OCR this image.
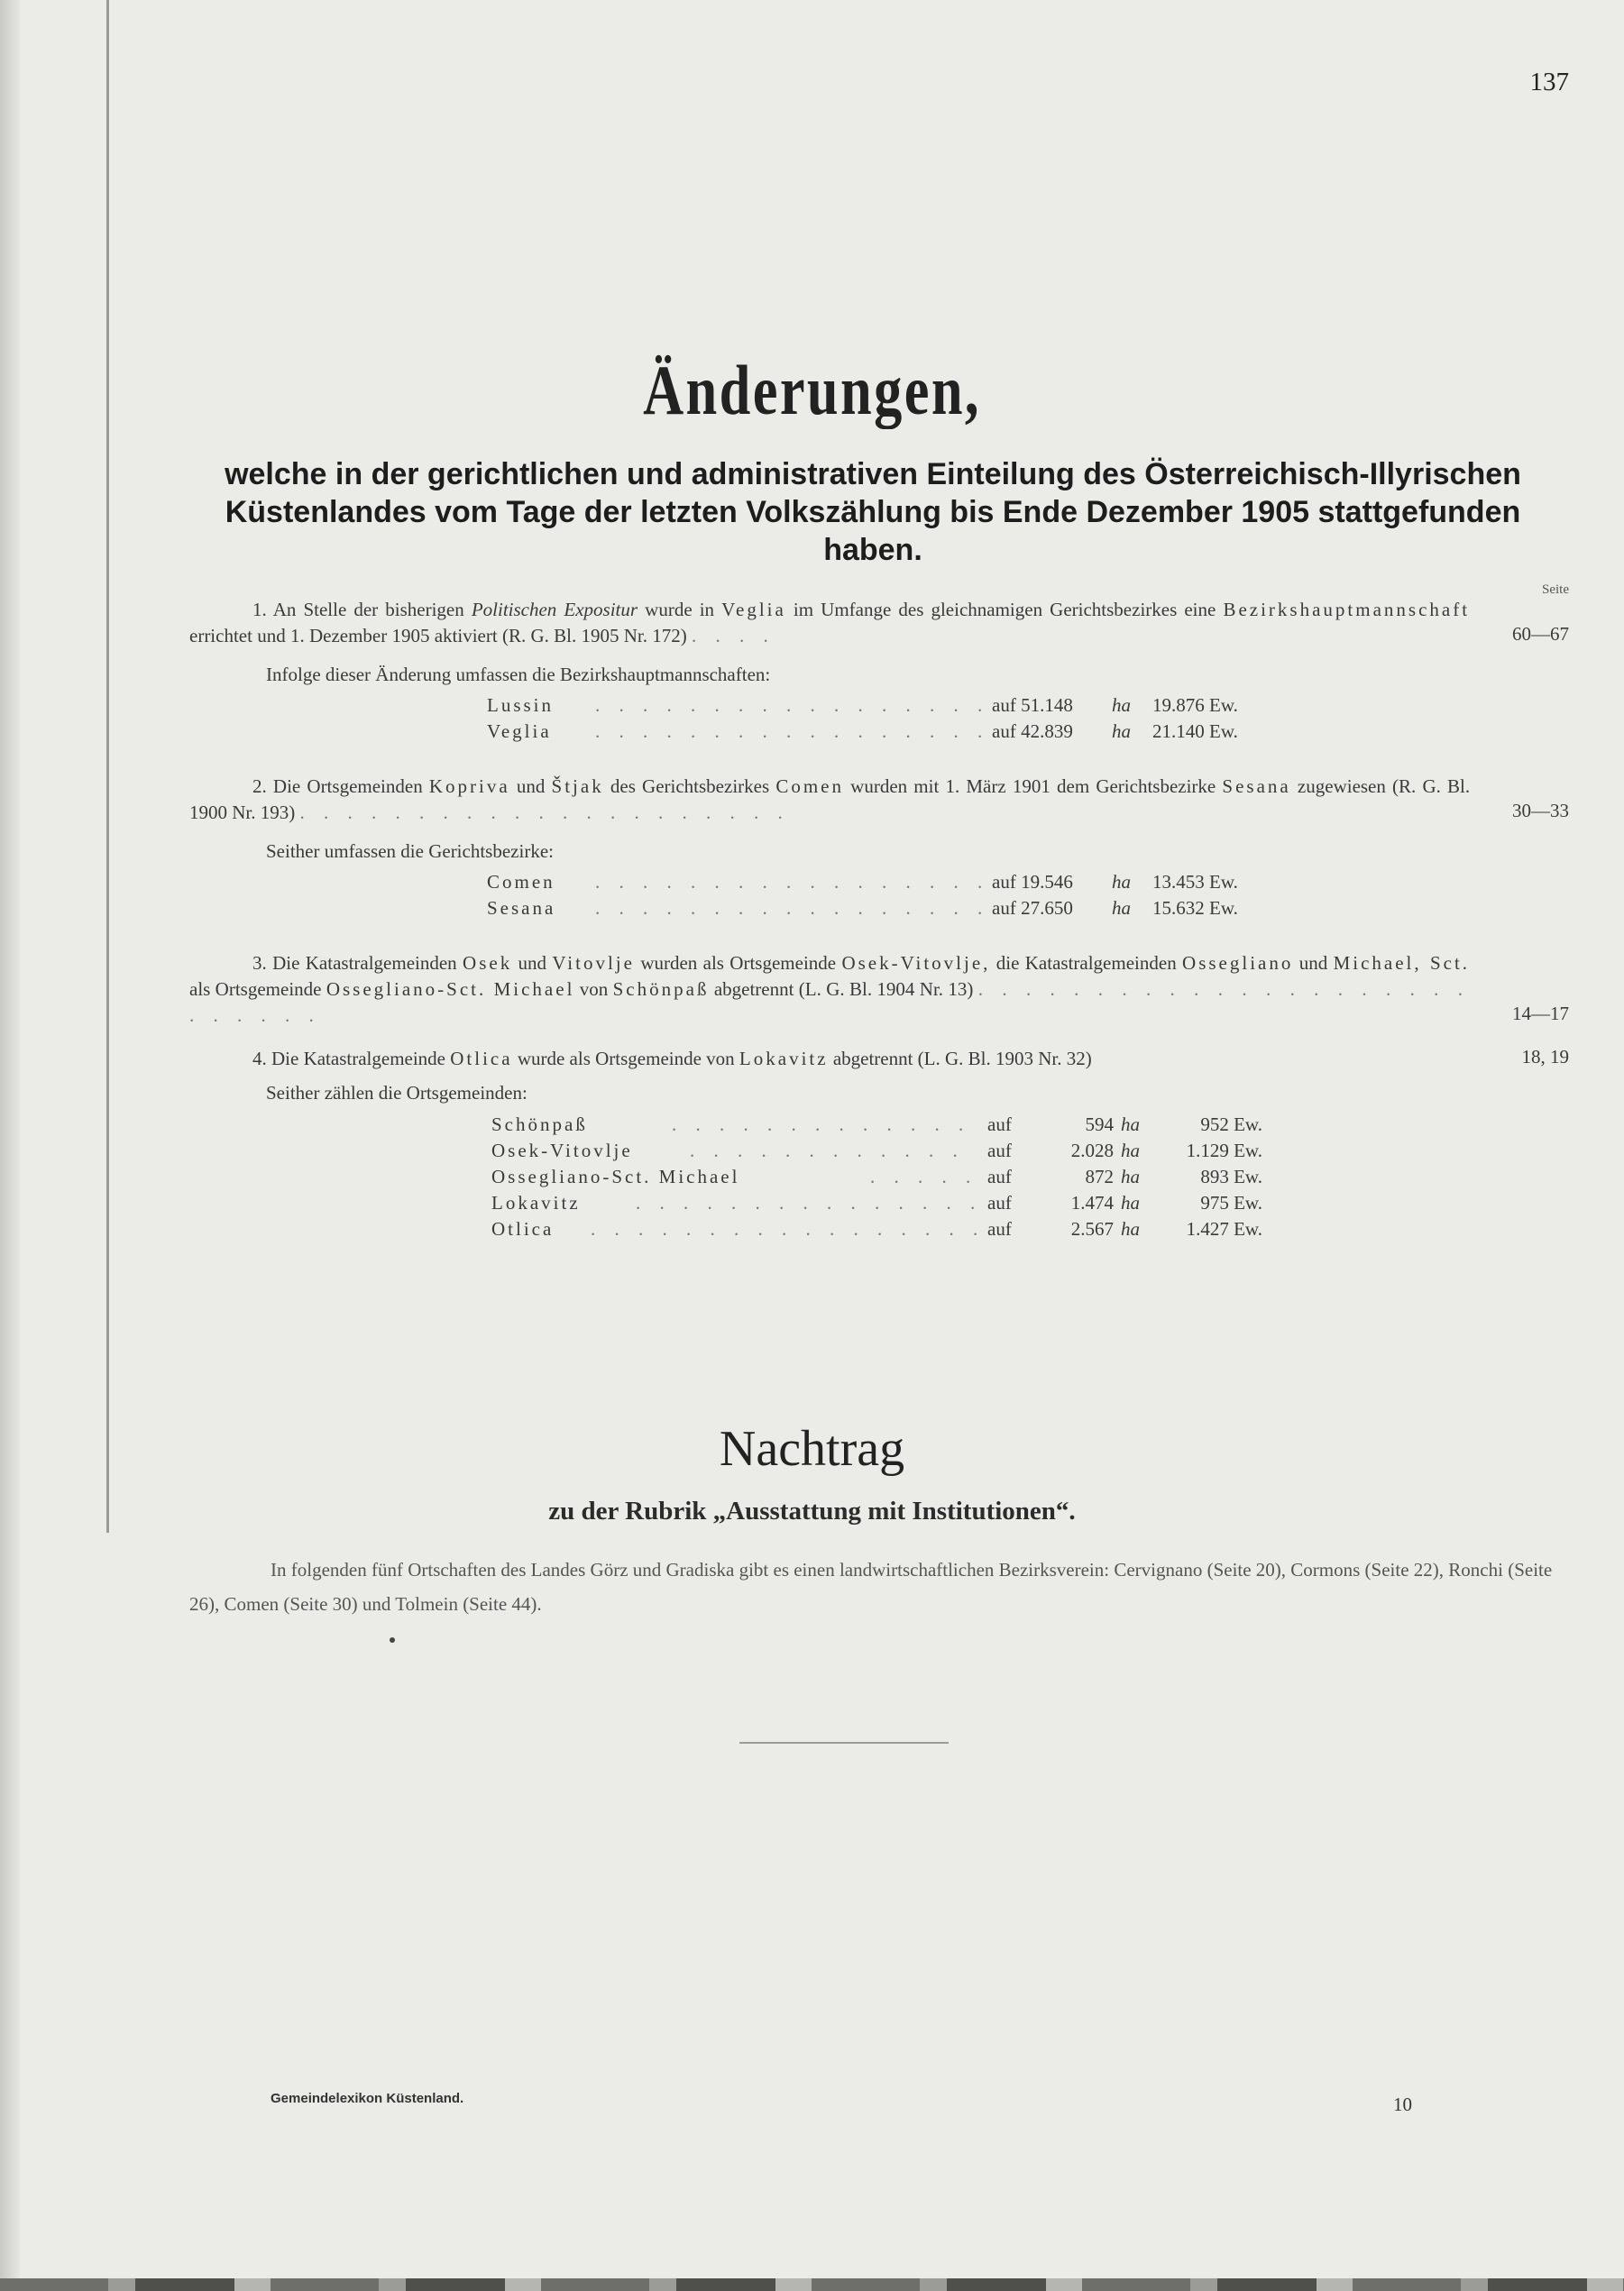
137
Änderungen,
welche in der gerichtlichen und administrativen Einteilung des Österreichisch-Illyrischen Küstenlandes vom Tage der letzten Volkszählung bis Ende Dezember 1905 stattgefunden haben.
Seite
1. An Stelle der bisherigen Politischen Expositur wurde in Veglia im Umfange des gleichnamigen Gerichtsbezirkes eine Bezirkshauptmannschaft errichtet und 1. Dezember 1905 aktiviert (R. G. Bl. 1905 Nr. 172) . . . .	60—67
Infolge dieser Änderung umfassen die Bezirkshauptmannschaften:
Lussin . . . . . . . . . . . . . . . . . auf 51.148 ha 19.876 Ew.
Veglia . . . . . . . . . . . . . . . . . auf 42.839 ha 21.140 Ew.
2. Die Ortsgemeinden Kopriva und Štjak des Gerichtsbezirkes Comen wurden mit 1. März 1901 dem Gerichtsbezirke Sesana zugewiesen (R. G. Bl. 1900 Nr. 193) . . . . . . . . . . . . . . . . . . . . .	30—33
Seither umfassen die Gerichtsbezirke:
Comen . . . . . . . . . . . . . . . . . auf 19.546 ha 13.453 Ew.
Sesana . . . . . . . . . . . . . . . . . auf 27.650 ha 15.632 Ew.
3. Die Katastralgemeinden Osek und Vitovlje wurden als Ortsgemeinde Osek-Vitovlje, die Katastralgemeinden Ossegliano und Michael, Sct. als Ortsgemeinde Ossegliano-Sct. Michael von Schönpaß abgetrennt (L. G. Bl. 1904 Nr. 13) . . . . . . . . . . . . . . . . . . . . . . . . . . .	14—17
4. Die Katastralgemeinde Otlica wurde als Ortsgemeinde von Lokavitz abgetrennt (L. G. Bl. 1903 Nr. 32)	18, 19
Seither zählen die Ortsgemeinden:
Schönpaß	. . . . . . . . . . . . . auf	594 ha	952 Ew.
Osek-Vitovlje	. . . . . . . . . . . . auf	2.028 ha	1.129 Ew.
Ossegliano-Sct. Michael	. . . . . auf	872 ha	893 Ew.
Lokavitz	. . . . . . . . . . . . . . . auf	1.474 ha	975 Ew.
Otlica . . . . . . . . . . . . . . . . . auf	2.567 ha	1.427 Ew.
Nachtrag
zu der Rubrik „Ausstattung mit Institutionen“.
In folgenden fünf Ortschaften des Landes Görz und Gradiska gibt es einen landwirtschaftlichen Bezirksverein: Cervignano (Seite 20), Cormons (Seite 22), Ronchi (Seite 26), Comen (Seite 30) und Tolmein (Seite 44).
Gemeindelexikon Küstenland.	10
